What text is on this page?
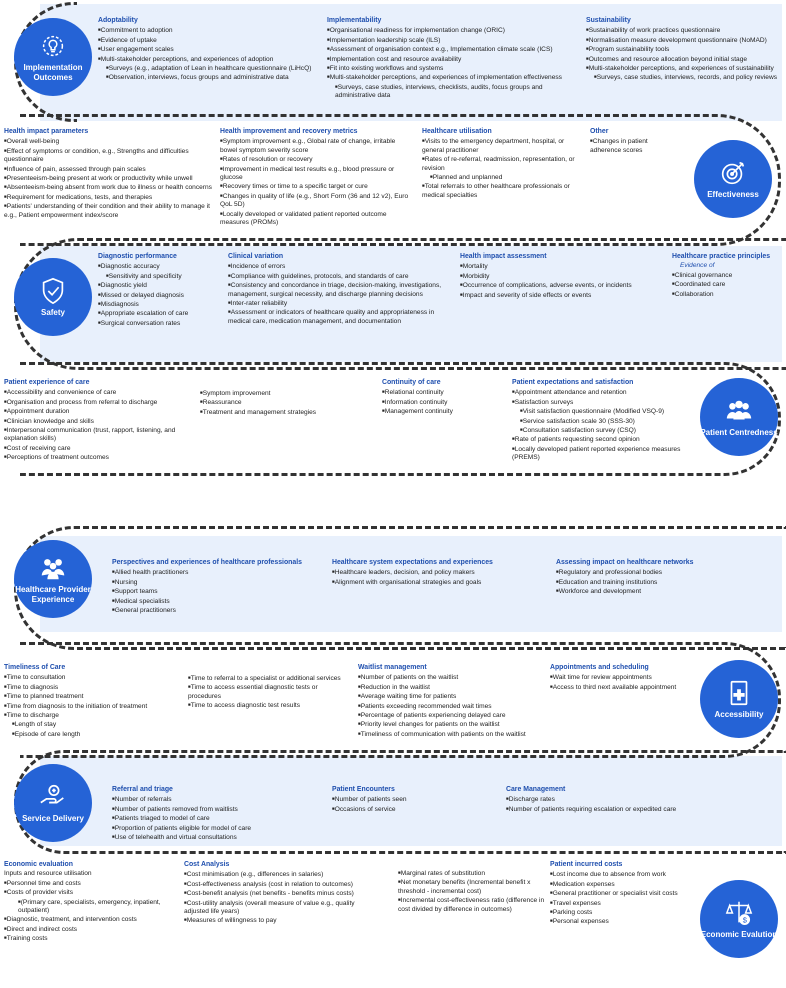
Implementation Outcomes
Effectiveness
Safety
Patient Centredness
Healthcare Provider Experience
Accessibility
Service Delivery
$
Economic Evalution
Adoptability
■ Commitment to adoption
■ Evidence of uptake
■ User engagement scales
■ Multi-stakeholder perceptions, and experiences of adoption
■ Surveys (e.g., adaptation of Lean in healthcare questionnaire (LiHcQ)
■ Observation, interviews, focus groups and administrative data
Implementability
■ Organisational readiness for implementation change (ORIC)
■ Implementation leadership scale (ILS)
■ Assessment of organisation context e.g., Implementation climate scale (ICS)
■ Implementation cost and resource availability
■ Fit into existing workflows and systems
■ Multi-stakeholder perceptions, and experiences of implementation effectiveness
■ Surveys, case studies, interviews, checklists, audits, focus groups and administrative data
Sustainability
■ Sustainability of work practices questionnaire
■ Normalisation measure development questionnaire (NoMAD)
■ Program sustainability tools
■ Outcomes and resource allocation beyond initial stage
■ Multi-stakeholder perceptions, and experiences of sustainability
■ Surveys, case studies, interviews, records, and policy reviews
Health impact parameters
■ Overall well-being
■ Effect of symptoms or condition, e.g., Strengths and difficulties questionnaire
■ Influence of pain, assessed through pain scales
■ Presenteeism-being present at work or productivity while unwell
■ Absenteeism-being absent from work due to illness or health concerns
■ Requirement for medications, tests, and therapies
■ Patients' understanding of their condition and their ability to manage it e.g., Patient empowerment index/score
Health improvement and recovery metrics
■ Symptom improvement e.g., Global rate of change, irritable bowel symptom severity score
■ Rates of resolution or recovery
■ Improvement in medical test results e.g., blood pressure or glucose
■ Recovery times or time to a specific target or cure
■ Changes in quality of life (e.g., Short Form (36 and 12 v2), Euro QoL 5D)
■ Locally developed or validated patient reported outcome measures (PROMs)
Healthcare utilisation
■ Visits to the emergency department, hospital, or general practitioner
■ Rates of re-referral, readmission, representation, or revision
■ Planned and unplanned
■ Total referrals to other healthcare professionals or medical specialties
Other
■ Changes in patient adherence scores
Diagnostic performance
■ Diagnostic accuracy
■ Sensitivity and specificity
■ Diagnostic yield
■ Missed or delayed diagnosis
■ Misdiagnosis
■ Appropriate escalation of care
■ Surgical conversation rates
Clinical variation
■ Incidence of errors
■ Compliance with guidelines, protocols, and standards of care
■ Consistency and concordance in triage, decision-making, investigations, management, surgical necessity, and discharge planning decisions
■ Inter-rater reliability
■ Assessment or indicators of healthcare quality and appropriateness in medical care, medication management, and documentation
Health impact assessment
■ Mortality
■ Morbidity
■ Occurrence of complications, adverse events, or incidents
■ Impact and severity of side effects or events
Healthcare practice principles
Evidence of
■ Clinical governance
■ Coordinated care
■ Collaboration
Patient experience of care
■ Accessibility and convenience of care
■ Organisation and process from referral to discharge
■ Appointment duration
■ Clinician knowledge and skills
■ Interpersonal communication (trust, rapport, listening, and explanation skills)
■ Cost of receiving care
■ Perceptions of treatment outcomes
■ Symptom improvement
■ Reassurance
■ Treatment and management strategies
Continuity of care
■ Relational continuity
■ Information continuity
■ Management continuity
Patient expectations and satisfaction
■ Appointment attendance and retention
■ Satisfaction surveys
■ Visit satisfaction questionnaire (Modified VSQ-9)
■ Service satisfaction scale 30 (SSS-30)
■ Consultation satisfaction survey (CSQ)
■ Rate of patients requesting second opinion
■ Locally developed patient reported experience measures (PREMS)
Perspectives and experiences of healthcare professionals
■ Allied health practitioners
■ Nursing
■ Support teams
■ Medical specialists
■ General practitioners
Healthcare system expectations and experiences
■ Healthcare leaders, decision, and policy makers
■ Alignment with organisational strategies and goals
Assessing impact on healthcare networks
■ Regulatory and professional bodies
■ Education and training institutions
■ Workforce and development
Timeliness of Care
■ Time to consultation
■ Time to diagnosis
■ Time to planned treatment
■ Time from diagnosis to the initiation of treatment
■ Time to discharge
■ Length of stay
■ Episode of care length
■ Time to referral to a specialist or additional services
■ Time to access essential diagnostic tests or procedures
■ Time to access diagnostic test results
Waitlist management
■ Number of patients on the waitlist
■ Reduction in the waitlist
■ Average waiting time for patients
■ Patients exceeding recommended wait times
■ Percentage of patients experiencing delayed care
■ Priority level changes for patients on the waitlist
■ Timeliness of communication with patients on the waitlist
Appointments and scheduling
■ Wait time for review appointments
■ Access to third next available appointment
Referral and triage
■ Number of referrals
■ Number of patients removed from waitlists
■ Patients triaged to model of care
■ Proportion of patients eligible for model of care
■ Use of telehealth and virtual consultations
Patient Encounters
■ Number of patients seen
■ Occasions of service
Care Management
■ Discharge rates
■ Number of patients requiring escalation or expedited care
Economic evaluation
Inputs and resource utilisation
■ Personnel time and costs
■ Costs of provider visits
■ (Primary care, specialists, emergency, inpatient, outpatient)
■ Diagnostic, treatment, and intervention costs
■ Direct and indirect costs
■ Training costs
Cost Analysis
■ Cost minimisation (e.g., differences in salaries)
■ Cost-effectiveness analysis (cost in relation to outcomes)
■ Cost-benefit analysis (net benefits - benefits minus costs)
■ Cost-utility analysis (overall measure of value e.g., quality adjusted life years)
■ Measures of willingness to pay
■ Marginal rates of substitution
■ Net monetary benefits (Incremental benefit x threshold - incremental cost)
■ Incremental cost-effectiveness ratio (difference in cost divided by difference in outcomes)
Patient incurred costs
■ Lost income due to absence from work
■ Medication expenses
■ General practitioner or specialist visit costs
■ Travel expenses
■ Parking costs
■ Personal expenses
